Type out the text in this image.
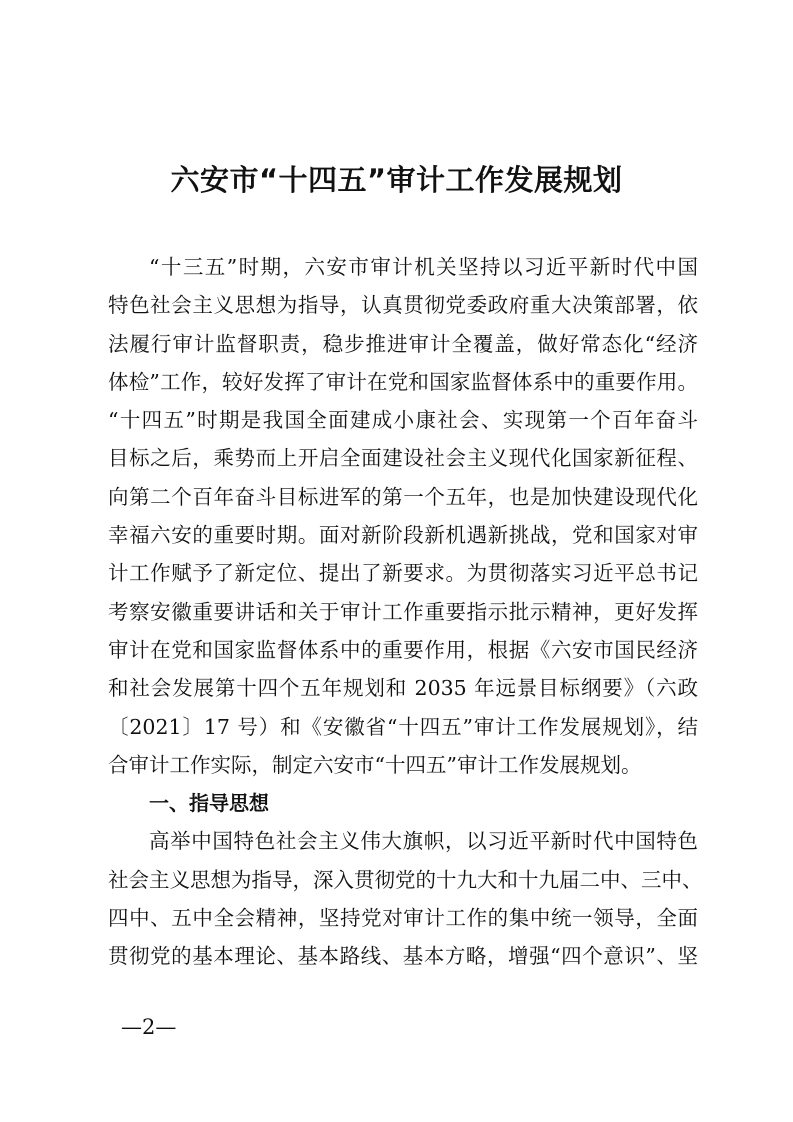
六安市“十四五”审计工作发展规划
“十三五”时期，六安市审计机关坚持以习近平新时代中国
特色社会主义思想为指导，认真贯彻党委政府重大决策部署，依
法履行审计监督职责，稳步推进审计全覆盖，做好常态化“经济
体检”工作，较好发挥了审计在党和国家监督体系中的重要作用。
“十四五”时期是我国全面建成小康社会、实现第一个百年奋斗
目标之后，乘势而上开启全面建设社会主义现代化国家新征程、
向第二个百年奋斗目标进军的第一个五年，也是加快建设现代化
幸福六安的重要时期。面对新阶段新机遇新挑战，党和国家对审
计工作赋予了新定位、提出了新要求。为贯彻落实习近平总书记
考察安徽重要讲话和关于审计工作重要指示批示精神，更好发挥
审计在党和国家监督体系中的重要作用，根据《六安市国民经济
和社会发展第十四个五年规划和 2035 年远景目标纲要》（六政
〔2021〕17 号）和《安徽省“十四五”审计工作发展规划》，结
合审计工作实际，制定六安市“十四五”审计工作发展规划。
一、指导思想
高举中国特色社会主义伟大旗帜，以习近平新时代中国特色
社会主义思想为指导，深入贯彻党的十九大和十九届二中、三中、
四中、五中全会精神，坚持党对审计工作的集中统一领导，全面
贯彻党的基本理论、基本路线、基本方略，增强“四个意识”、坚
—2—
